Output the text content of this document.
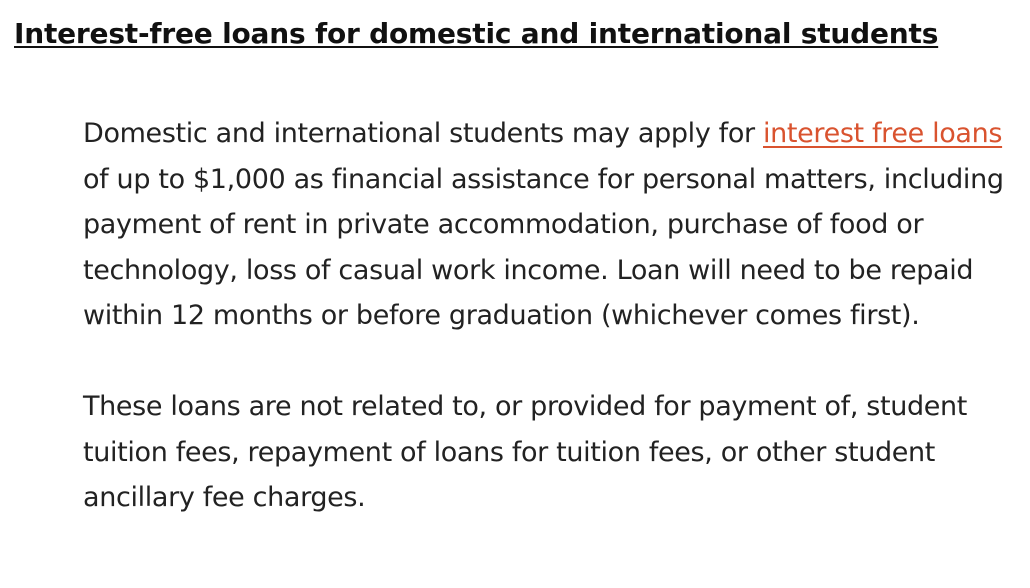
Interest-free loans for domestic and international students

Domestic and international students may apply for interest free loans of up to $1,000 as financial assistance for personal matters, including payment of rent in private accommodation, purchase of food or technology, loss of casual work income. Loan will need to be repaid within 12 months or before graduation (whichever comes first).

These loans are not related to, or provided for payment of, student tuition fees, repayment of loans for tuition fees, or other student ancillary fee charges.
